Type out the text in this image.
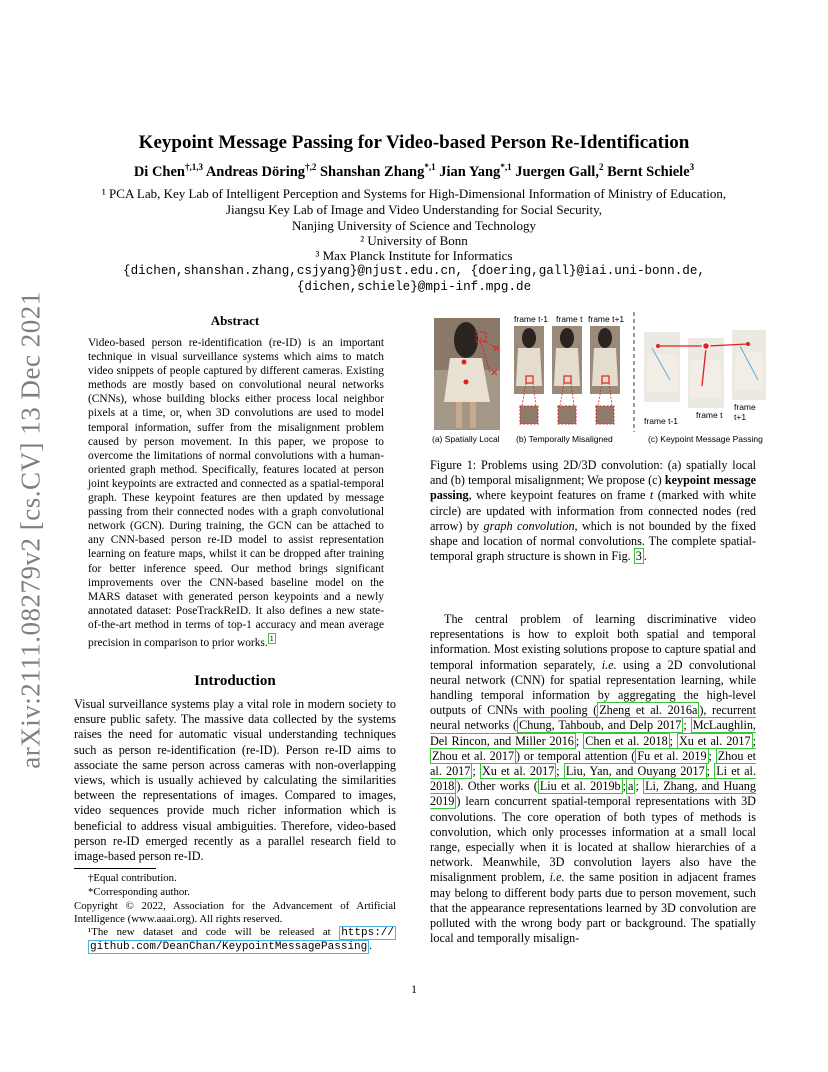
arXiv:2111.08279v2 [cs.CV] 13 Dec 2021
Keypoint Message Passing for Video-based Person Re-Identification
Di Chen$^{\dagger,1,3}$ Andreas Döring$^{\dagger,2}$ Shanshan Zhang$^{*,1}$ Jian Yang$^{*,1}$ Juergen Gall,$^2$ Bernt Schiele$^3$
¹ PCA Lab, Key Lab of Intelligent Perception and Systems for High-Dimensional Information of Ministry of Education,
Jiangsu Key Lab of Image and Video Understanding for Social Security,
Nanjing University of Science and Technology
² University of Bonn
³ Max Planck Institute for Informatics
{dichen,shanshan.zhang,csjyang}@njust.edu.cn, {doering,gall}@iai.uni-bonn.de,
{dichen,schiele}@mpi-inf.mpg.de
Abstract
Video-based person re-identification (re-ID) is an important technique in visual surveillance systems which aims to match video snippets of people captured by different cameras. Existing methods are mostly based on convolutional neural networks (CNNs), whose building blocks either process local neighbor pixels at a time, or, when 3D convolutions are used to model temporal information, suffer from the misalignment problem caused by person movement. In this paper, we propose to overcome the limitations of normal convolutions with a human-oriented graph method. Specifically, features located at person joint keypoints are extracted and connected as a spatial-temporal graph. These keypoint features are then updated by message passing from their connected nodes with a graph convolutional network (GCN). During training, the GCN can be attached to any CNN-based person re-ID model to assist representation learning on feature maps, whilst it can be dropped after training for better inference speed. Our method brings significant improvements over the CNN-based baseline model on the MARS dataset with generated person keypoints and a newly annotated dataset: PoseTrackReID. It also defines a new state-of-the-art method in terms of top-1 accuracy and mean average precision in comparison to prior works. $^1$
Introduction
Visual surveillance systems play a vital role in modern society to ensure public safety. The massive data collected by the systems raises the need for automatic visual understanding techniques such as person re-identification (re-ID). Person re-ID aims to associate the same person across cameras with non-overlapping views, which is usually achieved by calculating the similarities between the representations of images. Compared to images, video sequences provide much richer information which is beneficial to address visual ambiguities. Therefore, video-based person re-ID emerged recently as a parallel research field to image-based person re-ID.
†Equal contribution.
*Corresponding author.
Copyright © 2022, Association for the Advancement of Artificial Intelligence (www.aaai.org). All rights reserved.
¹The new dataset and code will be released at https:// github.com/DeanChan/KeypointMessagePassing .
✕
✕
frame t-1 frame t frame t+1
frame t-1
frame t
frame t+1
(a) Spatially Local (b) Temporally Misaligned	(c) Keypoint Message Passing
Figure 1: Problems using 2D/3D convolution: (a) spatially local and (b) temporal misalignment; We propose (c) keypoint message passing, where keypoint features on frame t (marked with white circle) are updated with information from connected nodes (red arrow) by graph convolution, which is not bounded by the fixed shape and location of normal convolutions. The complete spatial-temporal graph structure is shown in Fig. 3 .
The central problem of learning discriminative video representations is how to exploit both spatial and temporal information. Most existing solutions propose to capture spatial and temporal information separately, i.e. using a 2D convolutional neural network (CNN) for spatial representation learning, while handling temporal information by aggregating the high-level outputs of CNNs with pooling ( Zheng et al. 2016a ), recurrent neural networks ( Chung, Tahboub, and Delp 2017 ; McLaughlin, Del Rincon, and Miller 2016 ; Chen et al. 2018 ; Xu et al. 2017 ; Zhou et al. 2017 ) or temporal attention ( Fu et al. 2019 ; Zhou et al. 2017 ; Xu et al. 2017 ; Liu, Yan, and Ouyang 2017 ; Li et al. 2018 ). Other works ( Liu et al. 2019b ; a ; Li, Zhang, and Huang 2019 ) learn concurrent spatial-temporal representations with 3D convolutions. The core operation of both types of methods is convolution, which only processes information at a small local range, especially when it is located at shallow hierarchies of a network. Meanwhile, 3D convolution layers also have the misalignment problem, i.e. the same position in adjacent frames may belong to different body parts due to person movement, such that the appearance representations learned by 3D convolution are polluted with the wrong body part or background. The spatially local and temporally misalign-
1
